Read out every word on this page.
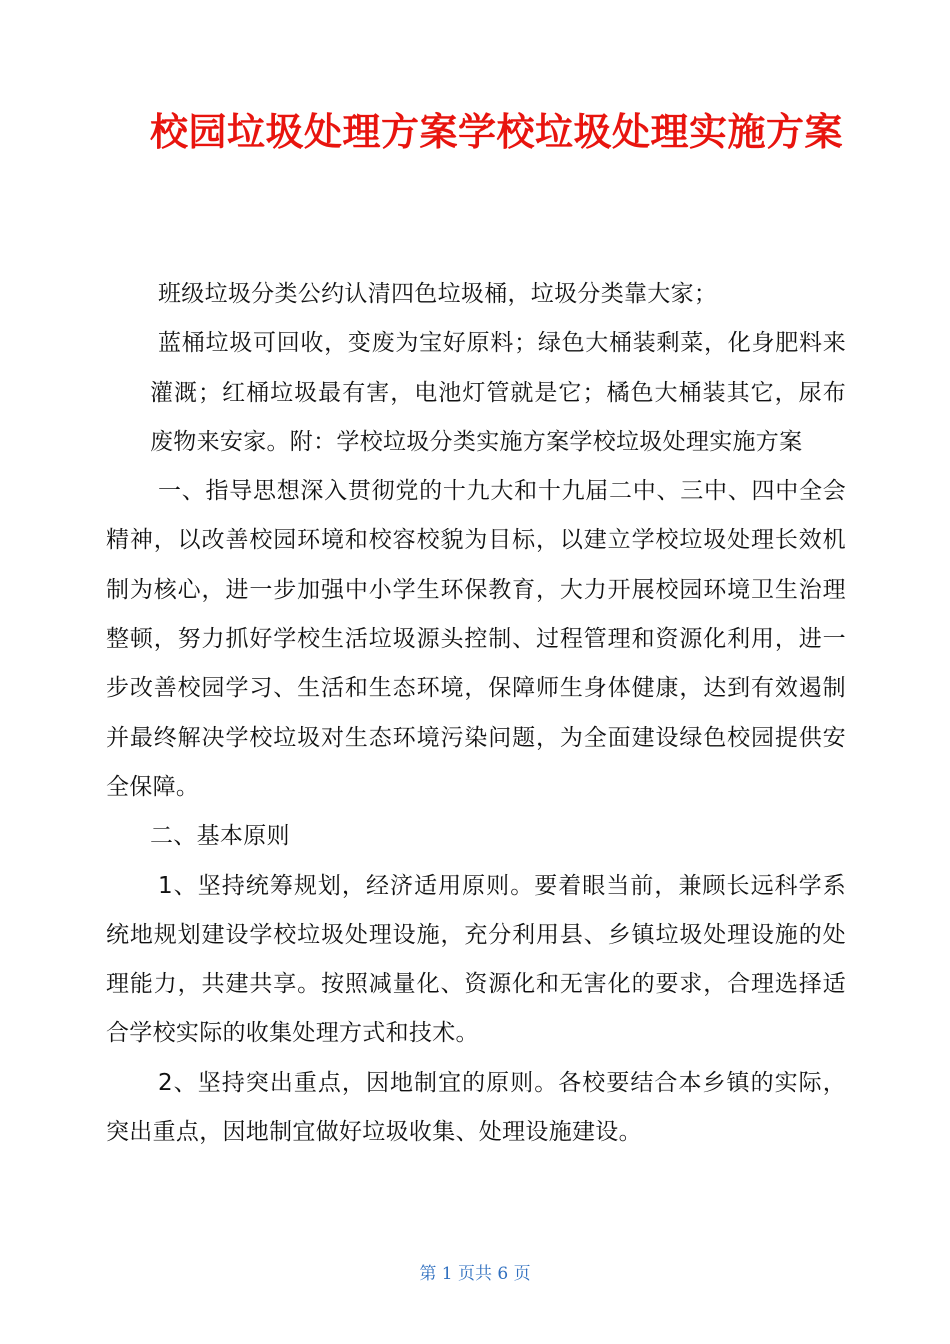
校园垃圾处理方案学校垃圾处理实施方案

班级垃圾分类公约认清四色垃圾桶，垃圾分类靠大家；

蓝桶垃圾可回收，变废为宝好原料；绿色大桶装剩菜，化身肥料来灌溉；红桶垃圾最有害，电池灯管就是它；橘色大桶装其它，尿布废物来安家。附：学校垃圾分类实施方案学校垃圾处理实施方案

一、指导思想深入贯彻党的十九大和十九届二中、三中、四中全会精神，以改善校园环境和校容校貌为目标，以建立学校垃圾处理长效机制为核心，进一步加强中小学生环保教育，大力开展校园环境卫生治理整顿，努力抓好学校生活垃圾源头控制、过程管理和资源化利用，进一步改善校园学习、生活和生态环境，保障师生身体健康，达到有效遏制并最终解决学校垃圾对生态环境污染问题，为全面建设绿色校园提供安全保障。

二、基本原则

1、坚持统筹规划，经济适用原则。要着眼当前，兼顾长远科学系统地规划建设学校垃圾处理设施，充分利用县、乡镇垃圾处理设施的处理能力，共建共享。按照减量化、资源化和无害化的要求，合理选择适合学校实际的收集处理方式和技术。

2、坚持突出重点，因地制宜的原则。各校要结合本乡镇的实际，突出重点，因地制宜做好垃圾收集、处理设施建设。

第 1 页共 6 页
